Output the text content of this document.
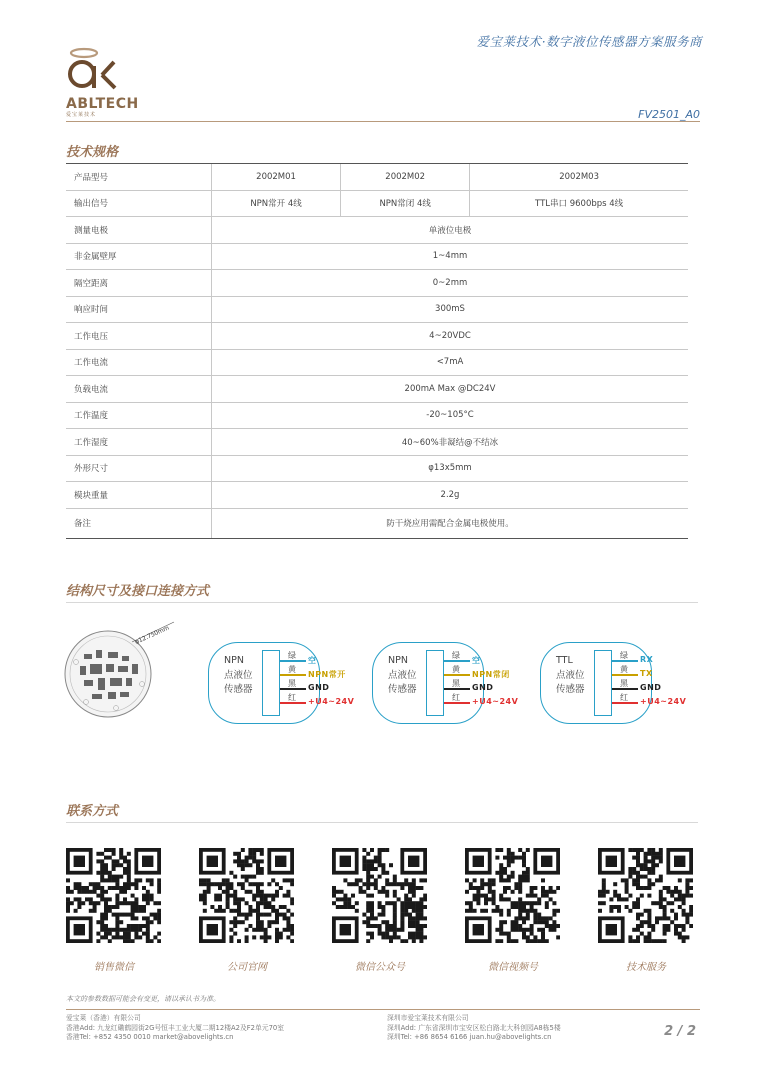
爱宝莱技术·数字液位传感器方案服务商
ABLTECH
爱宝莱技术	FV2501_A0
技术规格
产品型号	2002M01	2002M02	2002M03
输出信号	NPN常开 4线	NPN常闭 4线	TTL串口 9600bps 4线
测量电极	单液位电极		
非金属壁厚	1~4mm		
隔空距离	0~2mm		
响应时间	300mS		
工作电压	4~20VDC		
工作电流	<7mA		
负载电流	200mA Max @DC24V		
工作温度	-20~105°C		
工作湿度	40~60%非凝结@不结冰		
外形尺寸	φ13x5mm		
模块重量	2.2g		
备注	防干烧应用需配合金属电极使用。		
结构尺寸及接口连接方式
φ12.750mm
NPN
点液位
传感器
绿
空
黄
NPN常开
黑 GND
红 +U4~24V
NPN
点液位
传感器
绿
空
黄
NPN常闭
黑 GND
红 +U4~24V
TTL
点液位
传感器
绿 RX
黄 TX
黑 GND
红 +U4~24V
联系方式
销售微信	公司官网	微信公众号	微信视频号	技术服务
本文的参数数据可能会有变更，请以承认书为准。
爱宝莱（香港）有限公司
香港Add: 九龙红磡鹤园街2G号恒丰工业大厦二期12楼A2及F2单元70室
香港Tel: +852 4350 0010 market@abovelights.cn
深圳市爱宝莱技术有限公司
深圳Add: 广东省深圳市宝安区松白路北大科创园A8栋5楼
深圳Tel: +86 8654 6166 juan.hu@abovelights.cn	2 / 2
